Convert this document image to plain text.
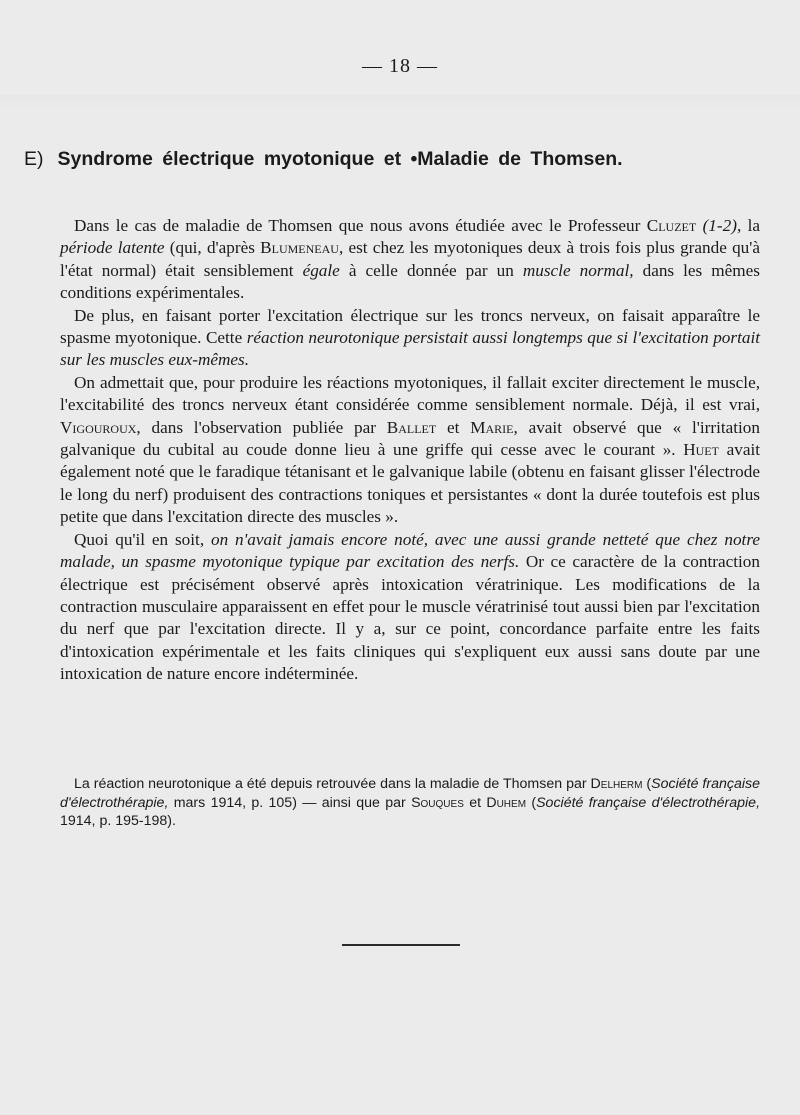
— 18 —
E) Syndrome électrique myotonique et •Maladie de Thomsen.

Dans le cas de maladie de Thomsen que nous avons étudiée avec le Professeur Cluzet (1-2), la période latente (qui, d'après Blumeneau, est chez les myotoniques deux à trois fois plus grande qu'à l'état normal) était sensiblement égale à celle donnée par un muscle normal, dans les mêmes conditions expérimentales.

De plus, en faisant porter l'excitation électrique sur les troncs nerveux, on faisait apparaître le spasme myotonique. Cette réaction neurotonique persistait aussi longtemps que si l'excitation portait sur les muscles eux-mêmes.

On admettait que, pour produire les réactions myotoniques, il fallait exciter directement le muscle, l'excitabilité des troncs nerveux étant considérée comme sensiblement normale. Déjà, il est vrai, Vigouroux, dans l'observation publiée par Ballet et Marie, avait observé que « l'irritation galvanique du cubital au coude donne lieu à une griffe qui cesse avec le courant ». Huet avait également noté que le faradique tétanisant et le galvanique labile (obtenu en faisant glisser l'électrode le long du nerf) produisent des contractions toniques et persistantes « dont la durée toutefois est plus petite que dans l'excitation directe des muscles ».

Quoi qu'il en soit, on n'avait jamais encore noté, avec une aussi grande netteté que chez notre malade, un spasme myotonique typique par excitation des nerfs. Or ce caractère de la contraction électrique est précisément observé après intoxication vératrinique. Les modifications de la contraction musculaire apparaissent en effet pour le muscle vératrinisé tout aussi bien par l'excitation du nerf que par l'excitation directe. Il y a, sur ce point, concordance parfaite entre les faits d'intoxication expérimentale et les faits cliniques qui s'expliquent eux aussi sans doute par une intoxication de nature encore indéterminée.

La réaction neurotonique a été depuis retrouvée dans la maladie de Thomsen par Delherm (Société française d'électrothérapie, mars 1914, p. 105) — ainsi que par Souques et Duhem (Société française d'électrothérapie, 1914, p. 195-198).
